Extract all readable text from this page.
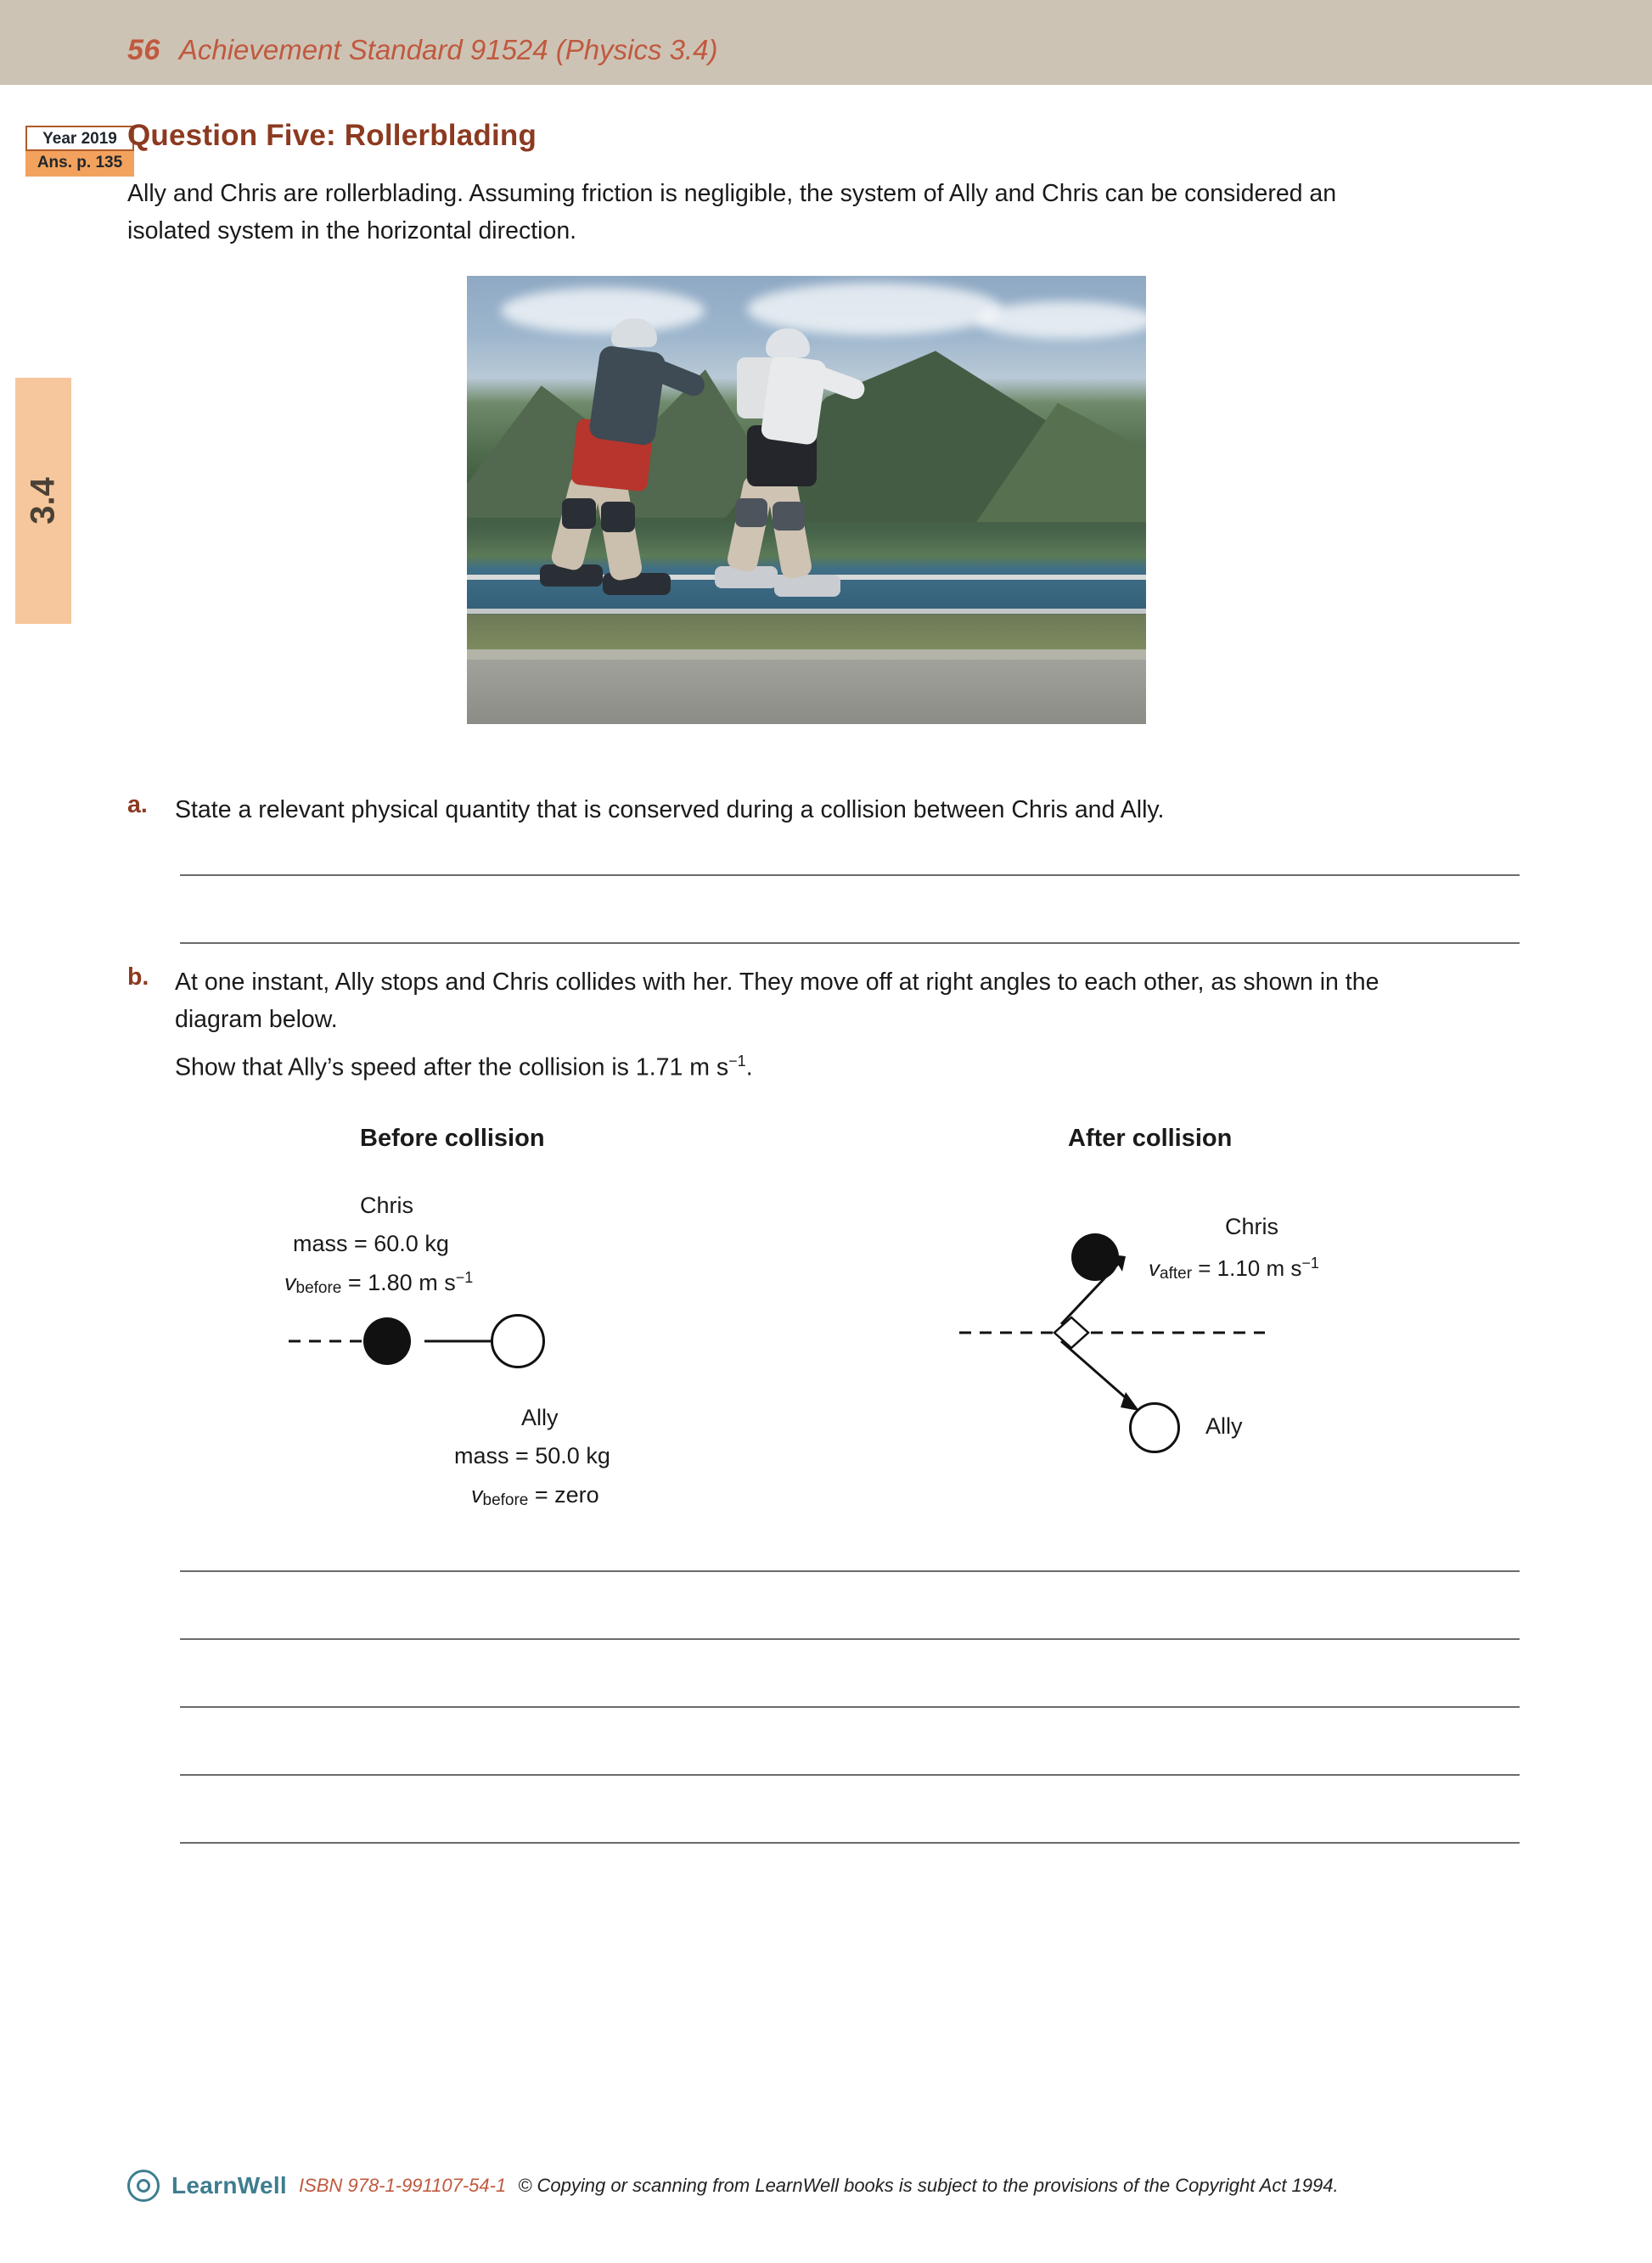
56 Achievement Standard 91524 (Physics 3.4)
3.4
Year 2019
Ans. p. 135
Question Five: Rollerblading

Ally and Chris are rollerblading. Assuming friction is negligible, the system of Ally and Chris can be considered an isolated system in the horizontal direction.

a.	State a relevant physical quantity that is conserved during a collision between Chris and Ally.
b.	At one instant, Ally stops and Chris collides with her. They move off at right angles to each other, as shown in the diagram below.
Show that Ally’s speed after the collision is 1.71 m $s^{-1}$.
Before collision
Chris
mass = 60.0 kg
vbefore = 1.80 m $s^{-1}$
Ally
mass = 50.0 kg
vbefore = zero
After collision
Chris
vafter = 1.10 m $s^{-1}$
Ally
LearnWell ISBN 978-1-991107-54-1 © Copying or scanning from LearnWell books is subject to the provisions of the Copyright Act 1994.
